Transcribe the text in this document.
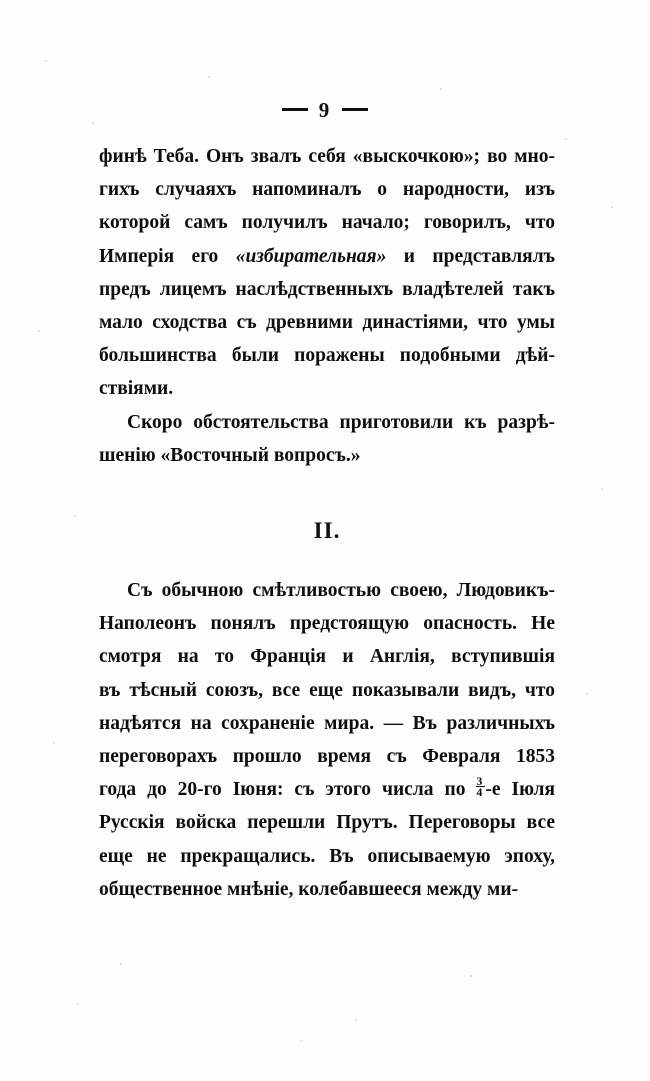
9

финѣ Теба. Онъ звалъ себя «выскочкою»; во мно-
гихъ случаяхъ напоминалъ о народности, изъ
которой самъ получилъ начало; говорилъ, что
Имперія его «избирательная» и представлялъ
предъ лицемъ наслѣдственныхъ владѣтелей такъ
мало сходства съ древними династіями, что умы
большинства были поражены подобными дѣй-
ствіями.

Скоро обстоятельства приготовили къ разрѣ-
шенію «Восточный вопросъ.»

II.

Съ обычною смѣтливостью своею, Людовикъ-
Наполеонъ понялъ предстоящую опасность. Не
смотря на то Франція и Англія, вступившія
въ тѣсный союзъ, все еще показывали видъ, что
надѣятся на сохраненіе мира. — Въ различныхъ
переговорахъ прошло время съ Февраля 1853
года до 20-го Іюня: съ этого числа по $\frac{3}{4} -е$ Іюля
Русскія войска перешли Прутъ. Переговоры все
еще не прекращались. Въ описываемую эпоху,
общественное мнѣніе, колебавшееся между ми-
